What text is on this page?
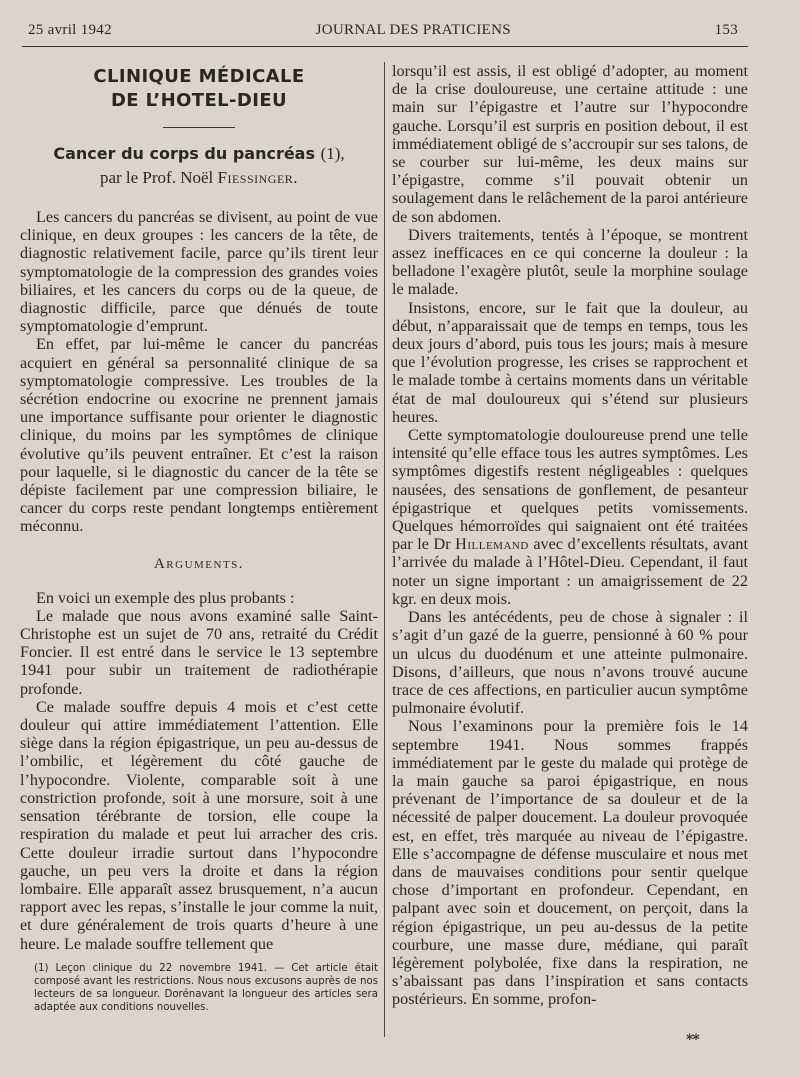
25 avril 1942	JOURNAL DES PRATICIENS	153
CLINIQUE MÉDICALE
DE L’HOTEL-DIEU

Cancer du corps du pancréas (1),

par le Prof. Noël Fiessinger.

Les cancers du pancréas se divisent, au point de vue clinique, en deux groupes : les cancers de la tête, de diagnostic relativement facile, parce qu’ils tirent leur symptomatologie de la compression des grandes voies biliaires, et les cancers du corps ou de la queue, de diagnostic difficile, parce que dénués de toute symptomatologie d’emprunt.

En effet, par lui-même le cancer du pancréas acquiert en général sa personnalité clinique de sa symptomatologie compressive. Les troubles de la sécrétion endocrine ou exocrine ne prennent jamais une importance suffisante pour orienter le diagnostic clinique, du moins par les symptômes de clinique évolutive qu’ils peuvent entraîner. Et c’est la raison pour laquelle, si le diagnostic du cancer de la tête se dépiste facilement par une compression biliaire, le cancer du corps reste pendant longtemps entièrement méconnu.

Arguments.

En voici un exemple des plus probants :

Le malade que nous avons examiné salle Saint-Christophe est un sujet de 70 ans, retraité du Crédit Foncier. Il est entré dans le service le 13 septembre 1941 pour subir un traitement de radiothérapie profonde.

Ce malade souffre depuis 4 mois et c’est cette douleur qui attire immédiatement l’attention. Elle siège dans la région épigastrique, un peu au-dessus de l’ombilic, et légèrement du côté gauche de l’hypocondre. Violente, comparable soit à une constriction profonde, soit à une morsure, soit à une sensation térébrante de torsion, elle coupe la respiration du malade et peut lui arracher des cris. Cette douleur irradie surtout dans l’hypocondre gauche, un peu vers la droite et dans la région lombaire. Elle apparaît assez brusquement, n’a aucun rapport avec les repas, s’installe le jour comme la nuit, et dure généralement de trois quarts d’heure à une heure. Le malade souffre tellement que

(1) Leçon clinique du 22 novembre 1941. — Cet article était composé avant les restrictions. Nous nous excusons auprès de nos lecteurs de sa longueur. Dorénavant la longueur des articles sera adaptée aux conditions nouvelles.

lorsqu’il est assis, il est obligé d’adopter, au moment de la crise douloureuse, une certaine attitude : une main sur l’épigastre et l’autre sur l’hypocondre gauche. Lorsqu’il est surpris en position debout, il est immédiatement obligé de s’accroupir sur ses talons, de se courber sur lui-même, les deux mains sur l’épigastre, comme s’il pouvait obtenir un soulagement dans le relâchement de la paroi antérieure de son abdomen.

Divers traitements, tentés à l’époque, se montrent assez inefficaces en ce qui concerne la douleur : la belladone l’exagère plutôt, seule la morphine soulage le malade.

Insistons, encore, sur le fait que la douleur, au début, n’apparaissait que de temps en temps, tous les deux jours d’abord, puis tous les jours; mais à mesure que l’évolution progresse, les crises se rapprochent et le malade tombe à certains moments dans un véritable état de mal douloureux qui s’étend sur plusieurs heures.

Cette symptomatologie douloureuse prend une telle intensité qu’elle efface tous les autres symptômes. Les symptômes digestifs restent négligeables : quelques nausées, des sensations de gonflement, de pesanteur épigastrique et quelques petits vomissements. Quelques hémorroïdes qui saignaient ont été traitées par le Dr Hillemand avec d’excellents résultats, avant l’arrivée du malade à l’Hôtel-Dieu. Cependant, il faut noter un signe important : un amaigrissement de 22 kgr. en deux mois.

Dans les antécédents, peu de chose à signaler : il s’agit d’un gazé de la guerre, pensionné à 60 % pour un ulcus du duodénum et une atteinte pulmonaire. Disons, d’ailleurs, que nous n’avons trouvé aucune trace de ces affections, en particulier aucun symptôme pulmonaire évolutif.

Nous l’examinons pour la première fois le 14 septembre 1941. Nous sommes frappés immédiatement par le geste du malade qui protège de la main gauche sa paroi épigastrique, en nous prévenant de l’importance de sa douleur et de la nécessité de palper doucement. La douleur provoquée est, en effet, très marquée au niveau de l’épigastre. Elle s’accompagne de défense musculaire et nous met dans de mauvaises conditions pour sentir quelque chose d’important en profondeur. Cependant, en palpant avec soin et doucement, on perçoit, dans la région épigastrique, un peu au-dessus de la petite courbure, une masse dure, médiane, qui paraît légèrement polybolée, fixe dans la respiration, ne s’abaissant pas dans l’inspiration et sans contacts postérieurs. En somme, profon-

**
